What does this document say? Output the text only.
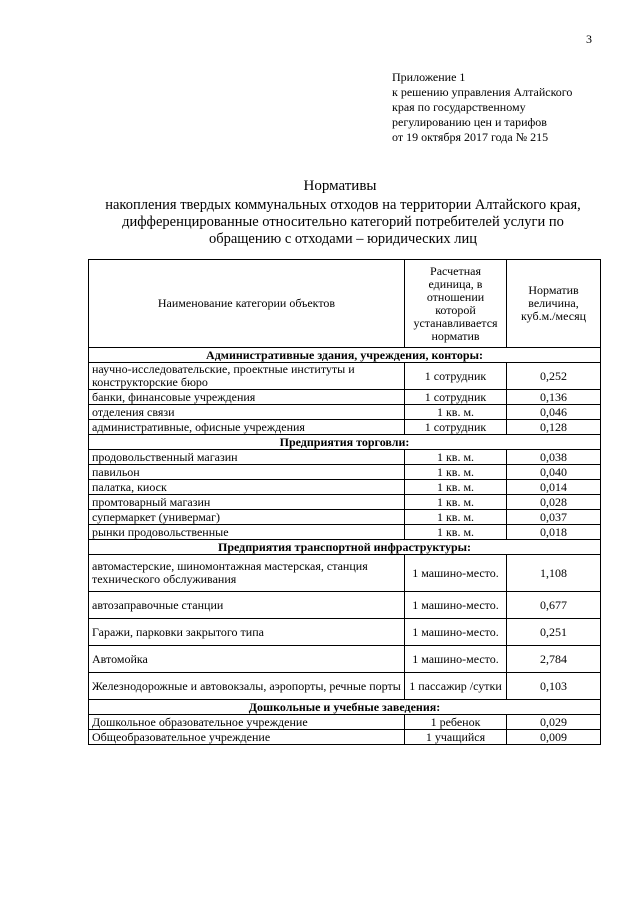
3
Приложение 1
к решению управления Алтайского
края по государственному
регулированию цен и тарифов
от 19 октября 2017 года № 215
Нормативы
накопления твердых коммунальных отходов на территории Алтайского края,
дифференцированные относительно категорий потребителей услуги по
обращению с отходами – юридических лиц
Наименование категории объектов	Расчетная единица, в отношении которой устанавливается норматив	Норматив величина, куб.м./месяц
Административные здания, учреждения, конторы:		
научно-исследовательские, проектные институты и конструкторские бюро	1 сотрудник	0,252
банки, финансовые учреждения	1 сотрудник	0,136
отделения связи	1 кв. м.	0,046
административные, офисные учреждения	1 сотрудник	0,128
Предприятия торговли:		
продовольственный магазин	1 кв. м.	0,038
павильон	1 кв. м.	0,040
палатка, киоск	1 кв. м.	0,014
промтоварный магазин	1 кв. м.	0,028
супермаркет (универмаг)	1 кв. м.	0,037
рынки продовольственные	1 кв. м.	0,018
Предприятия транспортной инфраструктуры:		
автомастерские, шиномонтажная мастерская, станция технического обслуживания	1 машино-место.	1,108
автозаправочные станции	1 машино-место.	0,677
Гаражи, парковки закрытого типа	1 машино-место.	0,251
Автомойка	1 машино-место.	2,784
Железнодорожные и автовокзалы, аэропорты, речные порты	1 пассажир /сутки	0,103
Дошкольные и учебные заведения:		
Дошкольное образовательное учреждение	1 ребенок	0,029
Общеобразовательное учреждение	1 учащийся	0,009
